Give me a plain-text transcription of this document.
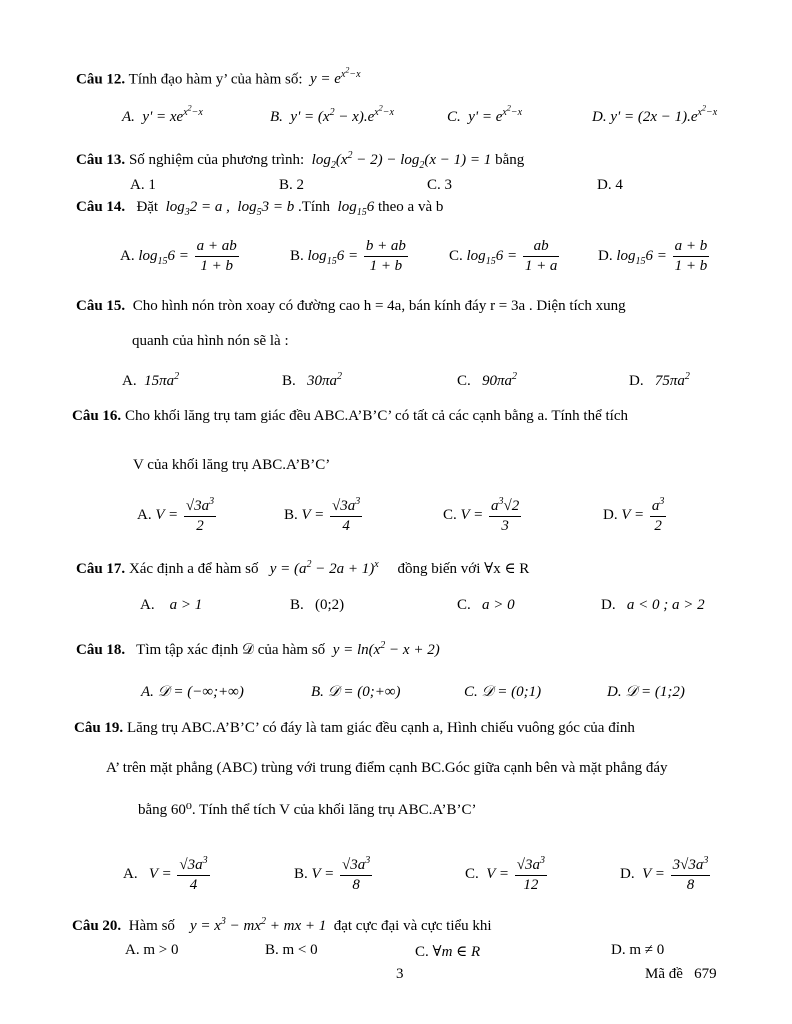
Câu 12. Tính đạo hàm y’ của hàm số:  $y = e^{x^2-x}$
A.  $y' = xe^{x^2-x}$	B.  $y' = (x^2 - x).e^{x^2-x}$	C.  $y' = e^{x^2-x}$	D. $y' = (2x - 1).e^{x^2-x}$
Câu 13. Số nghiệm của phương trình:  $\log_2(x^2 - 2) - \log_2(x - 1) = 1$ bằng
A. 1	B. 2	C. 3	D. 4
Câu 14. Đặt  $\log_32 = a$ ,  $\log_53 = b$ .Tính  $\log_{15}6$ theo a và b
A. $\log_{15}6 = \frac{a + ab}{1 + b}$	B. $\log_{15}6 = \frac{b + ab}{1 + b}$	C. $\log_{15}6 = \frac{ab}{1 + a}$	D. $\log_{15}6 = \frac{a + b}{1 + b}$
Câu 15. Cho hình nón tròn xoay có đường cao h = 4a, bán kính đáy r = 3a . Diện tích xung
quanh của hình nón sẽ là :
A.  $15\pi a^2$	B.   $30\pi a^2$	C.   $90\pi a^2$	D.   $75\pi a^2$
Câu 16. Cho khối lăng trụ tam giác đều ABC.A’B’C’ có tất cả các cạnh bằng a. Tính thể tích
V của khối lăng trụ ABC.A’B’C’
A. $V = \frac{√3a^3}{2}$	B. $V = \frac{√3a^3}{4}$	C. $V = \frac{a^3√2}{3}$	D. $V = \frac{a^3}{2}$
Câu 17. Xác định a để hàm số   $y = (a^2 - 2a + 1)^x$ đồng biến với ∀x ∈ R
A.    a > 1	B.   (0;2)	C.   a > 0	D.   a < 0 ; a > 2
Câu 18. Tìm tập xác định 𝒟 của hàm số  $y = \ln(x^2 - x + 2)$
A. 𝒟 = (−∞;+∞)	B. 𝒟 = (0;+∞)	C. 𝒟 = (0;1)	D. 𝒟 = (1;2)
Câu 19. Lăng trụ ABC.A’B’C’ có đáy là tam giác đều cạnh a, Hình chiếu vuông góc của đỉnh
A’ trên mặt phẳng (ABC) trùng với trung điểm cạnh BC.Góc giữa cạnh bên và mặt phẳng đáy
bằng 60⁰. Tính thể tích V của khối lăng trụ ABC.A’B’C’
A.   $V = \frac{√3a^3}{4}$	B. $V = \frac{√3a^3}{8}$	C.  $V = \frac{√3a^3}{12}$	D.  $V = \frac{3√3a^3}{8}$
Câu 20. Hàm số    $y = x^3 - mx^2$ + mx + 1 đạt cực đại và cực tiểu khi
A. m > 0	B. m < 0	C. ∀m ∈ R	D. m ≠ 0
3	Mã đề   679
